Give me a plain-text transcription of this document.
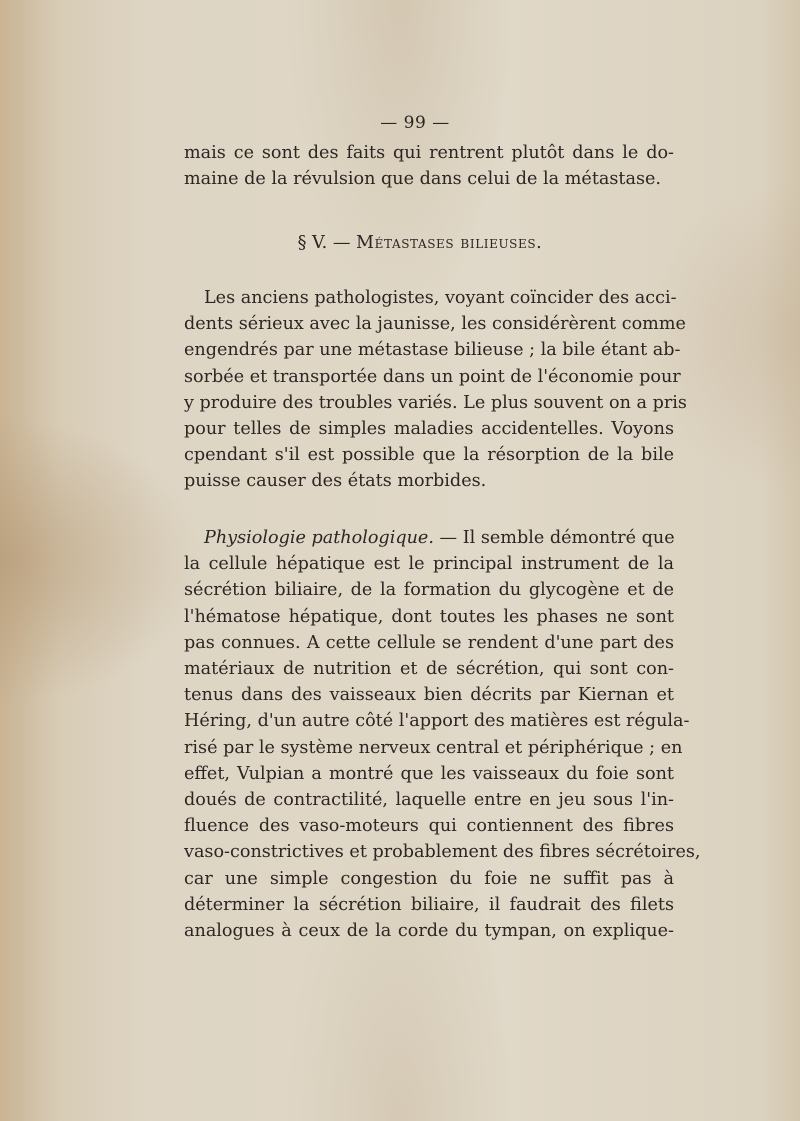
— 99 —
mais ce sont des faits qui rentrent plutôt dans le do-
maine de la révulsion que dans celui de la métastase.
§ V. — Métastases bilieuses.
Les anciens pathologistes, voyant coïncider des acci-
dents sérieux avec la jaunisse, les considérèrent comme
engendrés par une métastase bilieuse ; la bile étant ab-
sorbée et transportée dans un point de l'économie pour
y produire des troubles variés. Le plus souvent on a pris
pour telles de simples maladies accidentelles. Voyons
cpendant s'il est possible que la résorption de la bile
puisse causer des états morbides.
Physiologie pathologique. — Il semble démontré que
la cellule hépatique est le principal instrument de la
sécrétion biliaire, de la formation du glycogène et de
l'hématose hépatique, dont toutes les phases ne sont
pas connues. A cette cellule se rendent d'une part des
matériaux de nutrition et de sécrétion, qui sont con-
tenus dans des vaisseaux bien décrits par Kiernan et
Héring, d'un autre côté l'apport des matières est régula-
risé par le système nerveux central et périphérique ; en
effet, Vulpian a montré que les vaisseaux du foie sont
doués de contractilité, laquelle entre en jeu sous l'in-
fluence des vaso-moteurs qui contiennent des fibres
vaso-constrictives et probablement des fibres sécrétoires,
car une simple congestion du foie ne suffit pas à
déterminer la sécrétion biliaire, il faudrait des filets
analogues à ceux de la corde du tympan, on explique-
